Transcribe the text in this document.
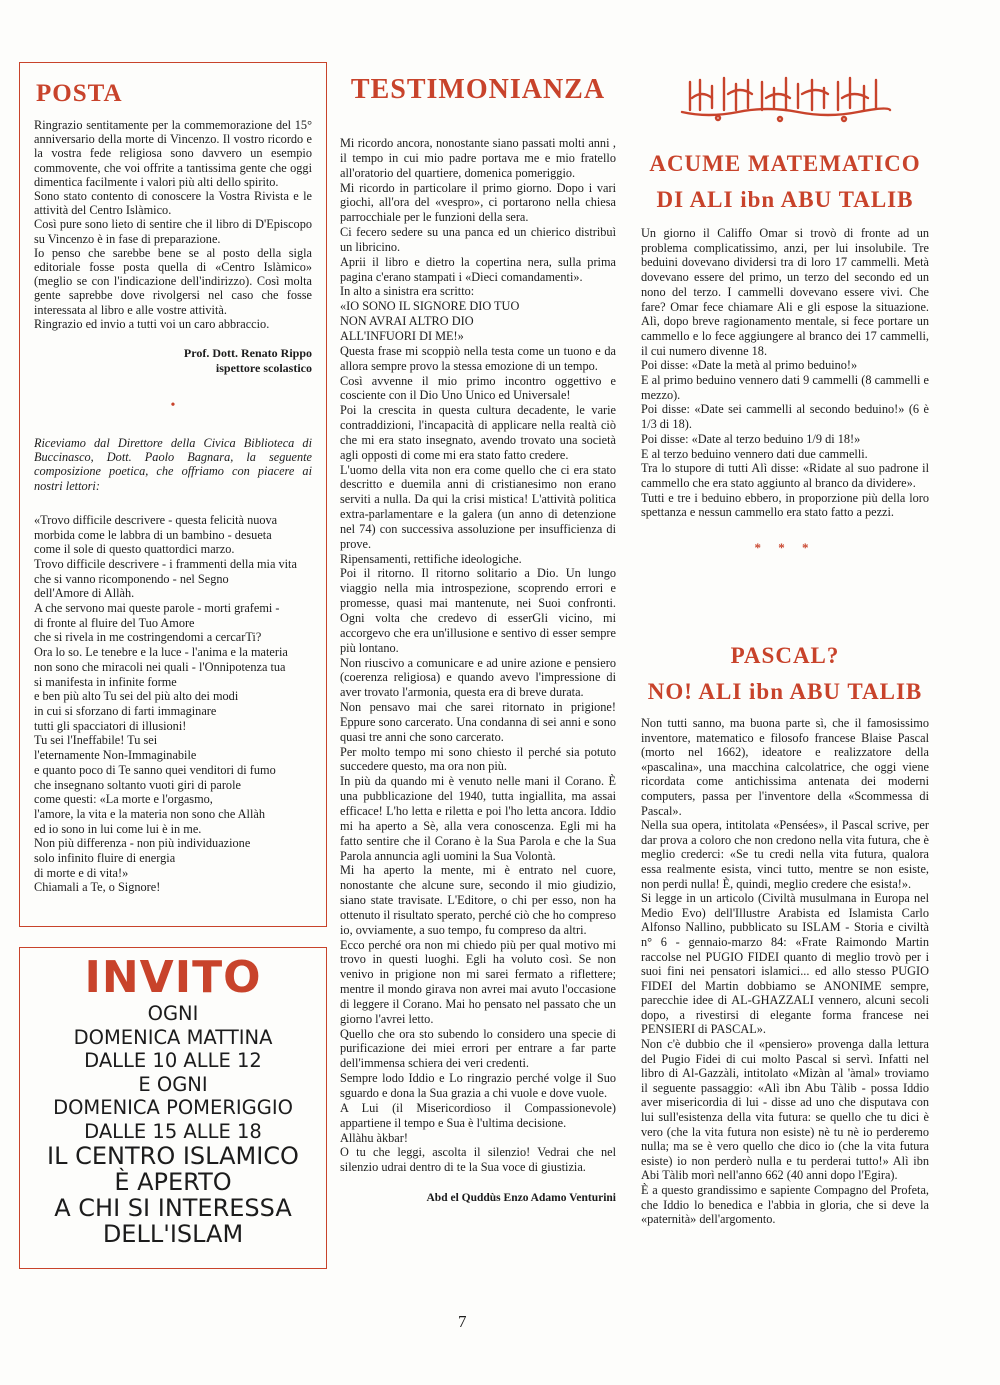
POSTA

Ringrazio sentitamente per la commemorazione del 15° anniversario della morte di Vincenzo. Il vostro ricordo e la vostra fede religiosa sono davvero un esempio commovente, che voi offrite a tantissima gente che oggi dimentica facilmente i valori più alti dello spirito.
Sono stato contento di conoscere la Vostra Rivista e le attività del Centro Islàmico.
Così pure sono lieto di sentire che il libro di D'Episcopo su Vincenzo è in fase di preparazione.
Io penso che sarebbe bene se al posto della sigla editoriale fosse posta quella di «Centro Islàmico» (meglio se con l'indicazione dell'indirizzo). Così molta gente saprebbe dove rivolgersi nel caso che fosse interessata al libro e alle vostre attività.
Ringrazio ed invio a tutti voi un caro abbraccio.

Prof. Dott. Renato Rippo
ispettore scolastico

•

Riceviamo dal Direttore della Civica Biblioteca di Buccinasco, Dott. Paolo Bagnara, la seguente composizione poetica, che offriamo con piacere ai nostri lettori:

«Trovo difficile descrivere - questa felicità nuova
morbida come le labbra di un bambino - desueta
come il sole di questo quattordici marzo.
Trovo difficile descrivere - i frammenti della mia vita
che si vanno ricomponendo - nel Segno
dell'Amore di Allàh.
A che servono mai queste parole - morti grafemi -
di fronte al fluire del Tuo Amore
che si rivela in me costringendomi a cercarTi?
Ora lo so. Le tenebre e la luce - l'anima e la materia
non sono che miracoli nei quali - l'Onnipotenza tua
si manifesta in infinite forme
e ben più alto Tu sei del più alto dei modi
in cui si sforzano di farti immaginare
tutti gli spacciatori di illusioni!
Tu sei l'Ineffabile! Tu sei
l'eternamente Non-Immaginabile
e quanto poco di Te sanno quei venditori di fumo
che insegnano soltanto vuoti giri di parole
come questi: «La morte e l'orgasmo,
l'amore, la vita e la materia non sono che Allàh
ed io sono in lui come lui è in me.
Non più differenza - non più individuazione
solo infinito fluire di energia
di morte e di vita!»
Chiamali a Te, o Signore!

INVITO
OGNI
DOMENICA MATTINA
DALLE 10 ALLE 12
E OGNI
DOMENICA POMERIGGIO
DALLE 15 ALLE 18
IL CENTRO ISLAMICO
È APERTO
A CHI SI INTERESSA
DELL'ISLAM
TESTIMONIANZA

Mi ricordo ancora, nonostante siano passati molti anni , il tempo in cui mio padre portava me e mio fratello all'oratorio del quartiere, domenica pomeriggio.
Mi ricordo in particolare il primo giorno. Dopo i vari giochi, all'ora del «vespro», ci portarono nella chiesa parrocchiale per le funzioni della sera.
Ci fecero sedere su una panca ed un chierico distribuì un libricino.
Aprii il libro e dietro la copertina nera, sulla prima pagina c'erano stampati i «Dieci comandamenti».
In alto a sinistra era scritto:
«IO SONO IL SIGNORE DIO TUO
NON AVRAI ALTRO DIO
ALL'INFUORI DI ME!»
Questa frase mi scoppiò nella testa come un tuono e da allora sempre provo la stessa emozione di un tempo.
Così avvenne il mio primo incontro oggettivo e cosciente con il Dio Uno Unico ed Universale!
Poi la crescita in questa cultura decadente, le varie contraddizioni, l'incapacità di applicare nella realtà ciò che mi era stato insegnato, avendo trovato una società agli opposti di come mi era stato fatto credere.
L'uomo della vita non era come quello che ci era stato descritto e duemila anni di cristianesimo non erano serviti a nulla. Da qui la crisi mistica! L'attività politica extra-parlamentare e la galera (un anno di detenzione nel 74) con successiva assoluzione per insufficienza di prove.
Ripensamenti, rettifiche ideologiche.
Poi il ritorno. Il ritorno solitario a Dio. Un lungo viaggio nella mia introspezione, scoprendo errori e promesse, quasi mai mantenute, nei Suoi confronti. Ogni volta che credevo di esserGli vicino, mi accorgevo che era un'illusione e sentivo di esser sempre più lontano.
Non riuscivo a comunicare e ad unire azione e pensiero (coerenza religiosa) e quando avevo l'impressione di aver trovato l'armonia, questa era di breve durata.
Non pensavo mai che sarei ritornato in prigione! Eppure sono carcerato. Una condanna di sei anni e sono quasi tre anni che sono carcerato.
Per molto tempo mi sono chiesto il perché sia potuto succedere questo, ma ora non più.
In più da quando mi è venuto nelle mani il Corano. È una pubblicazione del 1940, tutta ingiallita, ma assai efficace! L'ho letta e riletta e poi l'ho letta ancora. Iddio mi ha aperto a Sè, alla vera conoscenza. Egli mi ha fatto sentire che il Corano è la Sua Parola e che la Sua Parola annuncia agli uomini la Sua Volontà.
Mi ha aperto la mente, mi è entrato nel cuore, nonostante che alcune sure, secondo il mio giudizio, siano state travisate. L'Editore, o chi per esso, non ha ottenuto il risultato sperato, perché ciò che ho compreso io, ovviamente, a suo tempo, fu compreso da altri.
Ecco perché ora non mi chiedo più per qual motivo mi trovo in questi luoghi. Egli ha voluto così. Se non venivo in prigione non mi sarei fermato a riflettere; mentre il mondo girava non avrei mai avuto l'occasione di leggere il Corano. Mai ho pensato nel passato che un giorno l'avrei letto.
Quello che ora sto subendo lo considero una specie di purificazione dei miei errori per entrare a far parte dell'immensa schiera dei veri credenti.
Sempre lodo Iddio e Lo ringrazio perché volge il Suo sguardo e dona la Sua grazia a chi vuole e dove vuole.
A Lui (il Misericordioso il Compassionevole) appartiene il tempo e Sua è l'ultima decisione.
Allàhu àkbar!
O tu che leggi, ascolta il silenzio! Vedrai che nel silenzio udrai dentro di te la Sua voce di giustizia.

Abd el Quddùs Enzo Adamo Venturini

ACUME MATEMATICO
DI ALI ibn ABU TALIB

Un giorno il Califfo Omar si trovò di fronte ad un problema complicatissimo, anzi, per lui insolubile. Tre beduini dovevano dividersi tra di loro 17 cammelli. Metà dovevano essere del primo, un terzo del secondo ed un nono del terzo. I cammelli dovevano essere vivi. Che fare? Omar fece chiamare Ali e gli espose la situazione. Alì, dopo breve ragionamento mentale, si fece portare un cammello e lo fece aggiungere al branco dei 17 cammelli, il cui numero divenne 18.
Poi disse: «Date la metà al primo beduino!»
E al primo beduino vennero dati 9 cammelli (8 cammelli e mezzo).
Poi disse: «Date sei cammelli al secondo beduino!» (6 è 1/3 di 18).
Poi disse: «Date al terzo beduino 1/9 di 18!»
E al terzo beduino vennero dati due cammelli.
Tra lo stupore di tutti Alì disse: «Ridate al suo padrone il cammello che era stato aggiunto al branco da dividere».
Tutti e tre i beduino ebbero, in proporzione più della loro spettanza e nessun cammello era stato fatto a pezzi.

* * *
PASCAL?
NO! ALI ibn ABU TALIB

Non tutti sanno, ma buona parte sì, che il famosissimo inventore, matematico e filosofo francese Blaise Pascal (morto nel 1662), ideatore e realizzatore della «pascalina», una macchina calcolatrice, che oggi viene ricordata come antichissima antenata dei moderni computers, passa per l'inventore della «Scommessa di Pascal».
Nella sua opera, intitolata «Pensées», il Pascal scrive, per dar prova a coloro che non credono nella vita futura, che è meglio crederci: «Se tu credi nella vita futura, qualora essa realmente esista, vinci tutto, mentre se non esiste, non perdi nulla! È, quindi, meglio credere che esista!».
Si legge in un articolo (Civiltà musulmana in Europa nel Medio Evo) dell'Illustre Arabista ed Islamista Carlo Alfonso Nallino, pubblicato su ISLAM - Storia e civiltà n° 6 - gennaio-marzo 84: «Frate Raimondo Martin raccolse nel PUGIO FIDEI quanto di meglio trovò per i suoi fini nei pensatori islamici... ed allo stesso PUGIO FIDEI del Martin dobbiamo se ANONIME sempre, parecchie idee di AL-GHAZZALI vennero, alcuni secoli dopo, a rivestirsi di elegante forma francese nei PENSIERI di PASCAL».
Non c'è dubbio che il «pensiero» provenga dalla lettura del Pugio Fidei di cui molto Pascal si servì. Infatti nel libro di Al-Gazzàli, intitolato «Mizàn al 'àmal» troviamo il seguente passaggio: «Alì ibn Abu Tàlib - possa Iddio aver misericordia di lui - disse ad uno che disputava con lui sull'esistenza della vita futura: se quello che tu dici è vero (che la vita futura non esiste) nè tu nè io perderemo nulla; ma se è vero quello che dico io (che la vita futura esiste) io non perderò nulla e tu perderai tutto!» Alì ibn Abi Tàlib morì nell'anno 662 (40 anni dopo l'Egira).
È a questo grandissimo e sapiente Compagno del Profeta, che Iddio lo benedica e l'abbia in gloria, che si deve la «paternità» dell'argomento.

7
